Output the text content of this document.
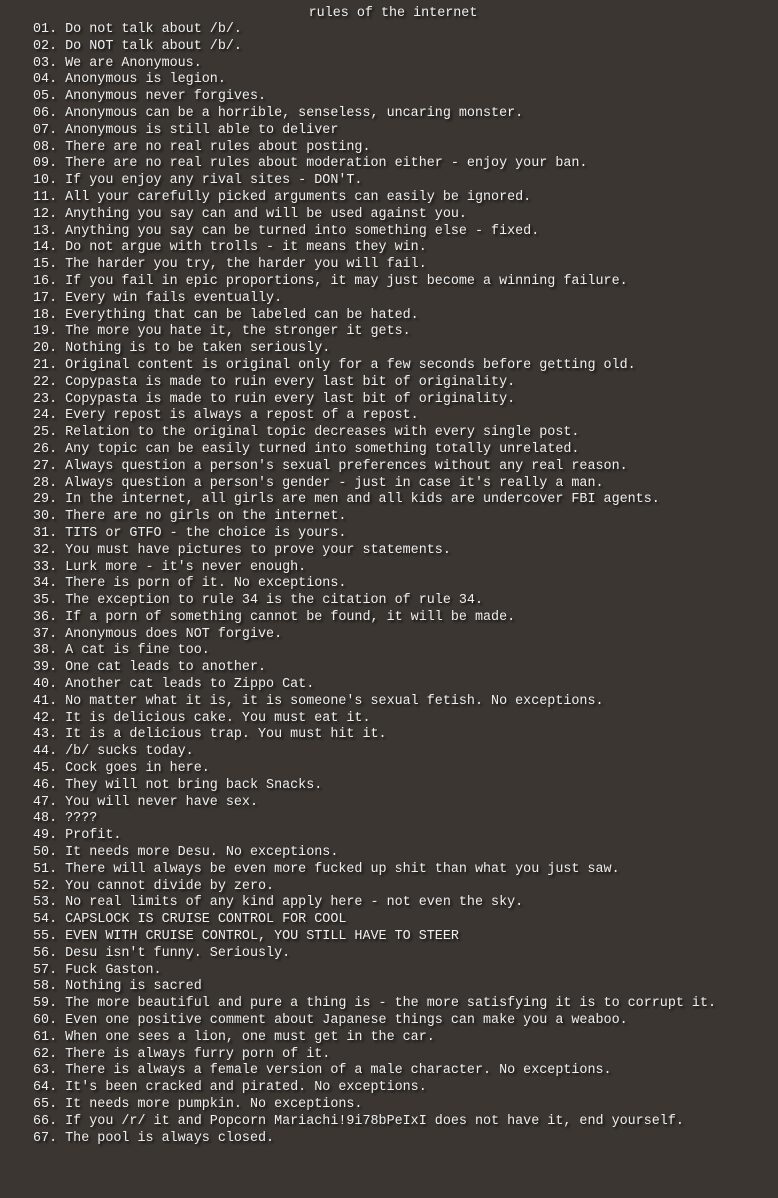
rules of the internet
01. Do not talk about /b/.
02. Do NOT talk about /b/.
03. We are Anonymous.
04. Anonymous is legion.
05. Anonymous never forgives.
06. Anonymous can be a horrible, senseless, uncaring monster.
07. Anonymous is still able to deliver
08. There are no real rules about posting.
09. There are no real rules about moderation either - enjoy your ban.
10. If you enjoy any rival sites - DON'T.
11. All your carefully picked arguments can easily be ignored.
12. Anything you say can and will be used against you.
13. Anything you say can be turned into something else - fixed.
14. Do not argue with trolls - it means they win.
15. The harder you try, the harder you will fail.
16. If you fail in epic proportions, it may just become a winning failure.
17. Every win fails eventually.
18. Everything that can be labeled can be hated.
19. The more you hate it, the stronger it gets.
20. Nothing is to be taken seriously.
21. Original content is original only for a few seconds before getting old.
22. Copypasta is made to ruin every last bit of originality.
23. Copypasta is made to ruin every last bit of originality.
24. Every repost is always a repost of a repost.
25. Relation to the original topic decreases with every single post.
26. Any topic can be easily turned into something totally unrelated.
27. Always question a person's sexual preferences without any real reason.
28. Always question a person's gender - just in case it's really a man.
29. In the internet, all girls are men and all kids are undercover FBI agents.
30. There are no girls on the internet.
31. TITS or GTFO - the choice is yours.
32. You must have pictures to prove your statements.
33. Lurk more - it's never enough.
34. There is porn of it. No exceptions.
35. The exception to rule 34 is the citation of rule 34.
36. If a porn of something cannot be found, it will be made.
37. Anonymous does NOT forgive.
38. A cat is fine too.
39. One cat leads to another.
40. Another cat leads to Zippo Cat.
41. No matter what it is, it is someone's sexual fetish. No exceptions.
42. It is delicious cake. You must eat it.
43. It is a delicious trap. You must hit it.
44. /b/ sucks today.
45. Cock goes in here.
46. They will not bring back Snacks.
47. You will never have sex.
48. ????
49. Profit.
50. It needs more Desu. No exceptions.
51. There will always be even more fucked up shit than what you just saw.
52. You cannot divide by zero.
53. No real limits of any kind apply here - not even the sky.
54. CAPSLOCK IS CRUISE CONTROL FOR COOL
55. EVEN WITH CRUISE CONTROL, YOU STILL HAVE TO STEER
56. Desu isn't funny. Seriously.
57. Fuck Gaston.
58. Nothing is sacred
59. The more beautiful and pure a thing is - the more satisfying it is to corrupt it.
60. Even one positive comment about Japanese things can make you a weaboo.
61. When one sees a lion, one must get in the car.
62. There is always furry porn of it.
63. There is always a female version of a male character. No exceptions.
64. It's been cracked and pirated. No exceptions.
65. It needs more pumpkin. No exceptions.
66. If you /r/ it and Popcorn Mariachi!9i78bPeIxI does not have it, end yourself.
67. The pool is always closed.
